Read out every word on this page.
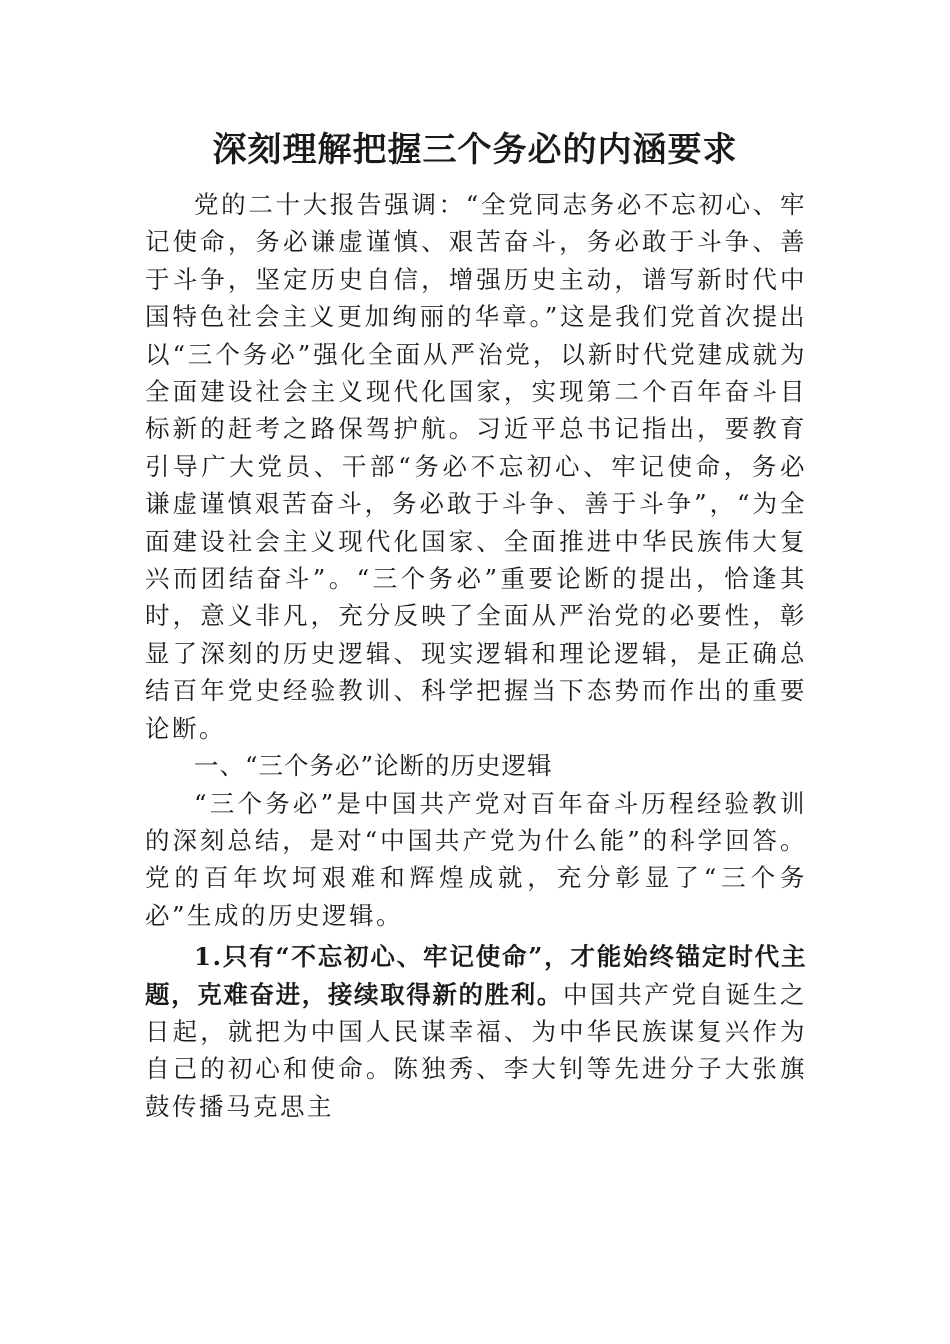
深刻理解把握三个务必的内涵要求

党的二十大报告强调：“全党同志务必不忘初心、牢记使命，务必谦虚谨慎、艰苦奋斗，务必敢于斗争、善于斗争，坚定历史自信，增强历史主动，谱写新时代中国特色社会主义更加绚丽的华章。”这是我们党首次提出以“三个务必”强化全面从严治党，以新时代党建成就为全面建设社会主义现代化国家，实现第二个百年奋斗目标新的赶考之路保驾护航。习近平总书记指出，要教育引导广大党员、干部“务必不忘初心、牢记使命，务必谦虚谨慎艰苦奋斗，务必敢于斗争、善于斗争”，“为全面建设社会主义现代化国家、全面推进中华民族伟大复兴而团结奋斗”。“三个务必”重要论断的提出，恰逢其时，意义非凡，充分反映了全面从严治党的必要性，彰显了深刻的历史逻辑、现实逻辑和理论逻辑，是正确总结百年党史经验教训、科学把握当下态势而作出的重要论断。

一、“三个务必”论断的历史逻辑

“三个务必”是中国共产党对百年奋斗历程经验教训的深刻总结，是对“中国共产党为什么能”的科学回答。党的百年坎坷艰难和辉煌成就，充分彰显了“三个务必”生成的历史逻辑。

1.只有“不忘初心、牢记使命”，才能始终锚定时代主题，克难奋进，接续取得新的胜利。中国共产党自诞生之日起，就把为中国人民谋幸福、为中华民族谋复兴作为自己的初心和使命。陈独秀、李大钊等先进分子大张旗鼓传播马克思主
